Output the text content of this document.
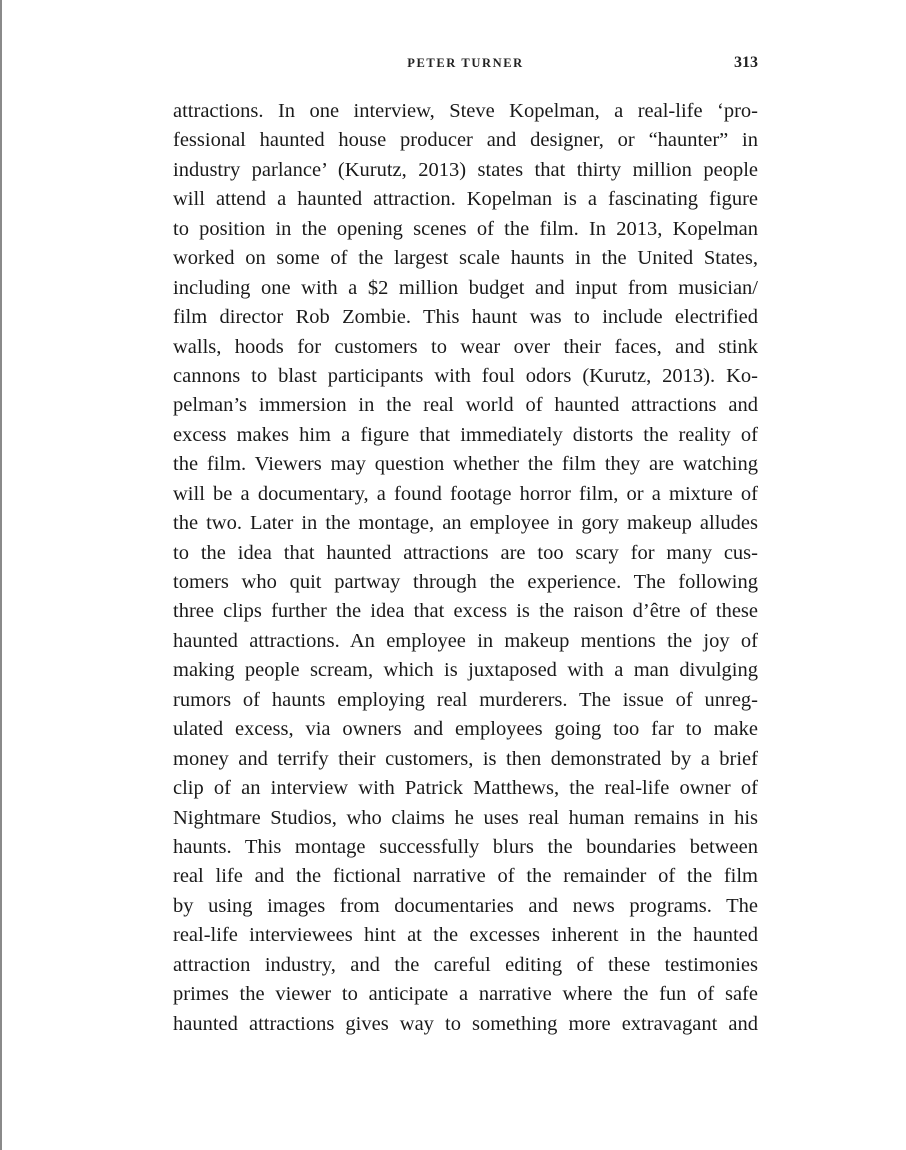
PETER TURNER	313
attractions. In one interview, Steve Kopelman, a real-life ‘pro-
fessional haunted house producer and designer, or “haunter” in
industry parlance’ (Kurutz, 2013) states that thirty million people
will attend a haunted attraction. Kopelman is a fascinating figure
to position in the opening scenes of the film. In 2013, Kopelman
worked on some of the largest scale haunts in the United States,
including one with a $2 million budget and input from musician/
film director Rob Zombie. This haunt was to include electrified
walls, hoods for customers to wear over their faces, and stink
cannons to blast participants with foul odors (Kurutz, 2013). Ko-
pelman’s immersion in the real world of haunted attractions and
excess makes him a figure that immediately distorts the reality of
the film. Viewers may question whether the film they are watching
will be a documentary, a found footage horror film, or a mixture of
the two. Later in the montage, an employee in gory makeup alludes
to the idea that haunted attractions are too scary for many cus-
tomers who quit partway through the experience. The following
three clips further the idea that excess is the raison d’être of these
haunted attractions. An employee in makeup mentions the joy of
making people scream, which is juxtaposed with a man divulging
rumors of haunts employing real murderers. The issue of unreg-
ulated excess, via owners and employees going too far to make
money and terrify their customers, is then demonstrated by a brief
clip of an interview with Patrick Matthews, the real-life owner of
Nightmare Studios, who claims he uses real human remains in his
haunts. This montage successfully blurs the boundaries between
real life and the fictional narrative of the remainder of the film
by using images from documentaries and news programs. The
real-life interviewees hint at the excesses inherent in the haunted
attraction industry, and the careful editing of these testimonies
primes the viewer to anticipate a narrative where the fun of safe
haunted attractions gives way to something more extravagant and
